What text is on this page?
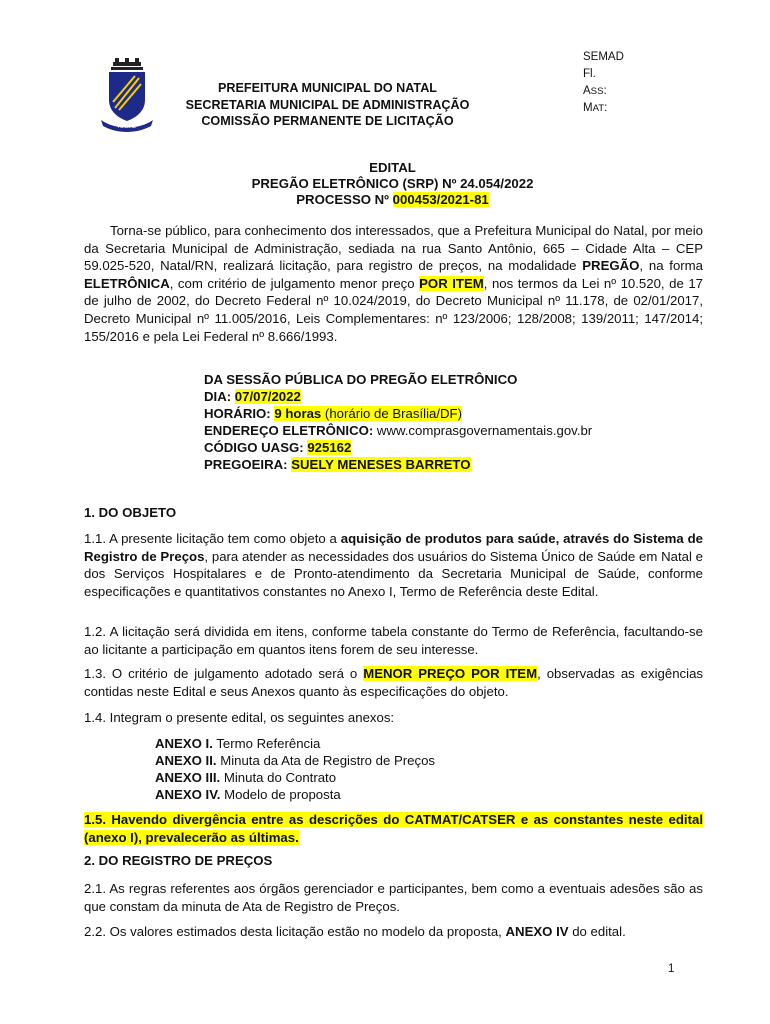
NATAL
PREFEITURA MUNICIPAL DO NATAL
SECRETARIA MUNICIPAL DE ADMINISTRAÇÃO
COMISSÃO PERMANENTE DE LICITAÇÃO
SEMAD
Fl.
ASS:
MAT:
EDITAL
PREGÃO ELETRÔNICO (SRP) Nº 24.054/2022
PROCESSO Nº 000453/2021-81
Torna-se público, para conhecimento dos interessados, que a Prefeitura Municipal do Natal, por meio da Secretaria Municipal de Administração, sediada na rua Santo Antônio, 665 – Cidade Alta – CEP 59.025-520, Natal/RN, realizará licitação, para registro de preços, na modalidade PREGÃO, na forma ELETRÔNICA, com critério de julgamento menor preço POR ITEM, nos termos da Lei nº 10.520, de 17 de julho de 2002, do Decreto Federal nº 10.024/2019, do Decreto Municipal nº 11.178, de 02/01/2017, Decreto Municipal nº 11.005/2016, Leis Complementares: nº 123/2006; 128/2008; 139/2011; 147/2014; 155/2016 e pela Lei Federal nº 8.666/1993.
DA SESSÃO PÚBLICA DO PREGÃO ELETRÔNICO
DIA: 07/07/2022
HORÁRIO: 9 horas (horário de Brasília/DF)
ENDEREÇO ELETRÔNICO: www.comprasgovernamentais.gov.br
CÓDIGO UASG: 925162
PREGOEIRA: SUELY MENESES BARRETO
1. DO OBJETO
1.1. A presente licitação tem como objeto a aquisição de produtos para saúde, através do Sistema de Registro de Preços, para atender as necessidades dos usuários do Sistema Único de Saúde em Natal e dos Serviços Hospitalares e de Pronto-atendimento da Secretaria Municipal de Saúde, conforme especificações e quantitativos constantes no Anexo I, Termo de Referência deste Edital.
1.2. A licitação será dividida em itens, conforme tabela constante do Termo de Referência, facultando-se ao licitante a participação em quantos itens forem de seu interesse.
1.3. O critério de julgamento adotado será o MENOR PREÇO POR ITEM, observadas as exigências contidas neste Edital e seus Anexos quanto às especificações do objeto.
1.4. Integram o presente edital, os seguintes anexos:
ANEXO I. Termo Referência
ANEXO II. Minuta da Ata de Registro de Preços
ANEXO III. Minuta do Contrato
ANEXO IV. Modelo de proposta
1.5. Havendo divergência entre as descrições do CATMAT/CATSER e as constantes neste edital (anexo I), prevalecerão as últimas.
2. DO REGISTRO DE PREÇOS
2.1. As regras referentes aos órgãos gerenciador e participantes, bem como a eventuais adesões são as que constam da minuta de Ata de Registro de Preços.
2.2. Os valores estimados desta licitação estão no modelo da proposta, ANEXO IV do edital.
1
